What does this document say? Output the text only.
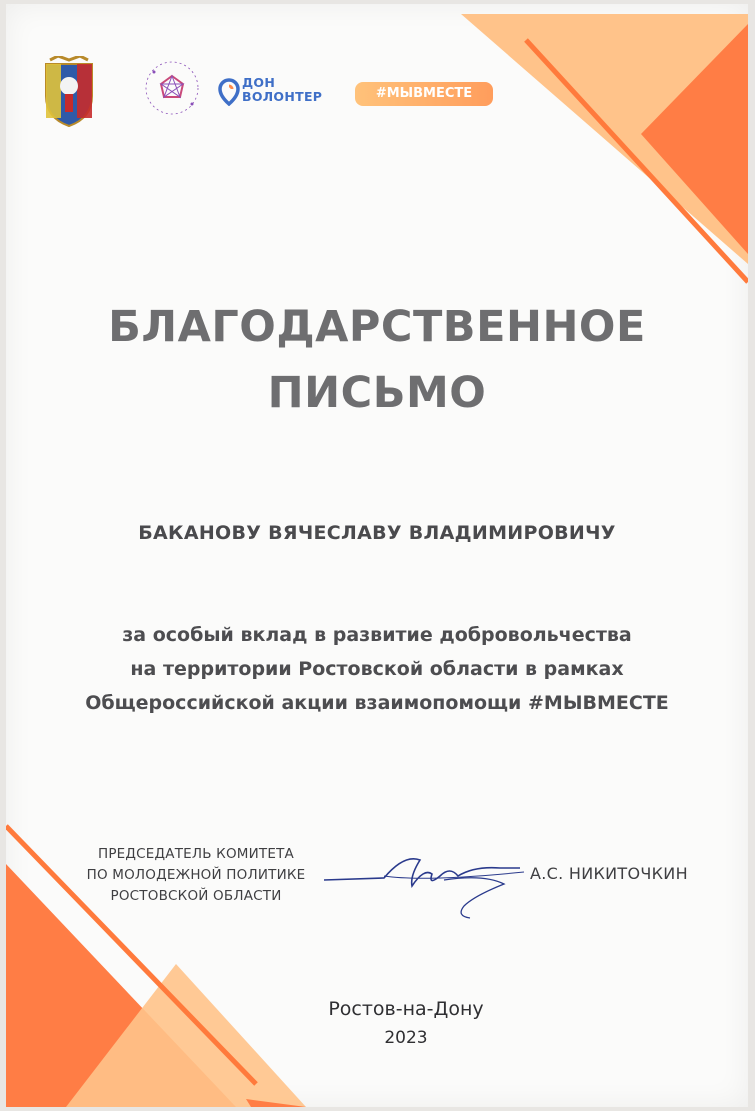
ДОН
ВОЛОНТЕР	#МЫВМЕСТЕ
БЛАГОДАРСТВЕННОЕ
ПИСЬМО
БАКАНОВУ ВЯЧЕСЛАВУ ВЛАДИМИРОВИЧУ
за особый вклад в развитие добровольчества
на территории Ростовской области в рамках
Общероссийской акции взаимопомощи #МЫВМЕСТЕ
ПРЕДСЕДАТЕЛЬ КОМИТЕТА
ПО МОЛОДЕЖНОЙ ПОЛИТИКЕ
РОСТОВСКОЙ ОБЛАСТИ
А.С. НИКИТОЧКИН
Ростов-на-Дону
2023
